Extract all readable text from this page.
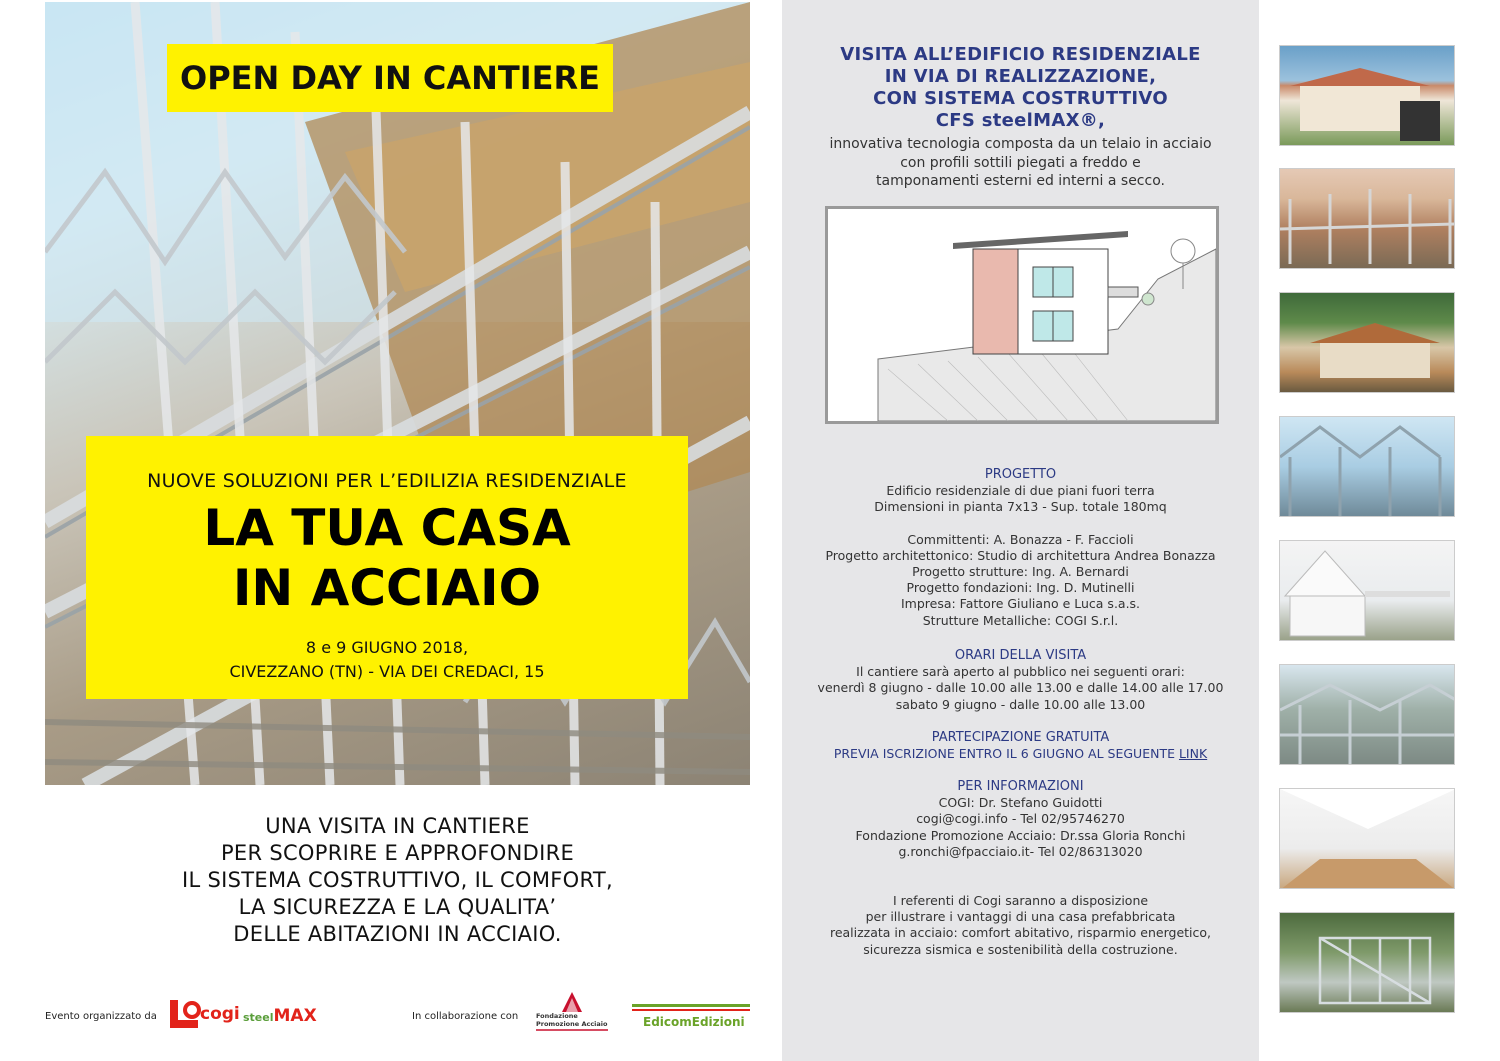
OPEN DAY IN CANTIERE
NUOVE SOLUZIONI PER L’EDILIZIA RESIDENZIALE
LA TUA CASA
IN ACCIAIO
8 e 9 GIUGNO 2018,
CIVEZZANO (TN) - VIA DEI CREDACI, 15
UNA VISITA IN CANTIERE
PER SCOPRIRE E APPROFONDIRE
IL SISTEMA COSTRUTTIVO, IL COMFORT,
LA SICUREZZA E LA QUALITA’
DELLE ABITAZIONI IN ACCIAIO.
Evento organizzato da	cogi steelMAX	In collaborazione con	Fondazione
Promozione Acciaio	EdicomEdizioni
VISITA ALL’EDIFICIO RESIDENZIALE
IN VIA DI REALIZZAZIONE,
CON SISTEMA COSTRUTTIVO
CFS steelMAX®,
innovativa tecnologia composta da un telaio in acciaio
con profili sottili piegati a freddo e
tamponamenti esterni ed interni a secco.
PROGETTO
Edificio residenziale di due piani fuori terra
Dimensioni in pianta 7x13 - Sup. totale 180mq
Committenti: A. Bonazza - F. Faccioli
Progetto architettonico: Studio di architettura Andrea Bonazza
Progetto strutture: Ing. A. Bernardi
Progetto fondazioni: Ing. D. Mutinelli
Impresa: Fattore Giuliano e Luca s.a.s.
Strutture Metalliche: COGI S.r.l.
ORARI DELLA VISITA
Il cantiere sarà aperto al pubblico nei seguenti orari:
venerdì 8 giugno - dalle 10.00 alle 13.00 e dalle 14.00 alle 17.00
sabato 9 giugno - dalle 10.00 alle 13.00
PARTECIPAZIONE GRATUITA
PREVIA ISCRIZIONE ENTRO IL 6 GIUGNO AL SEGUENTE LINK
PER INFORMAZIONI
COGI: Dr. Stefano Guidotti
cogi@cogi.info - Tel 02/95746270
Fondazione Promozione Acciaio: Dr.ssa Gloria Ronchi
g.ronchi@fpacciaio.it- Tel 02/86313020
I referenti di Cogi saranno a disposizione
per illustrare i vantaggi di una casa prefabbricata
realizzata in acciaio: comfort abitativo, risparmio energetico,
sicurezza sismica e sostenibilità della costruzione.
